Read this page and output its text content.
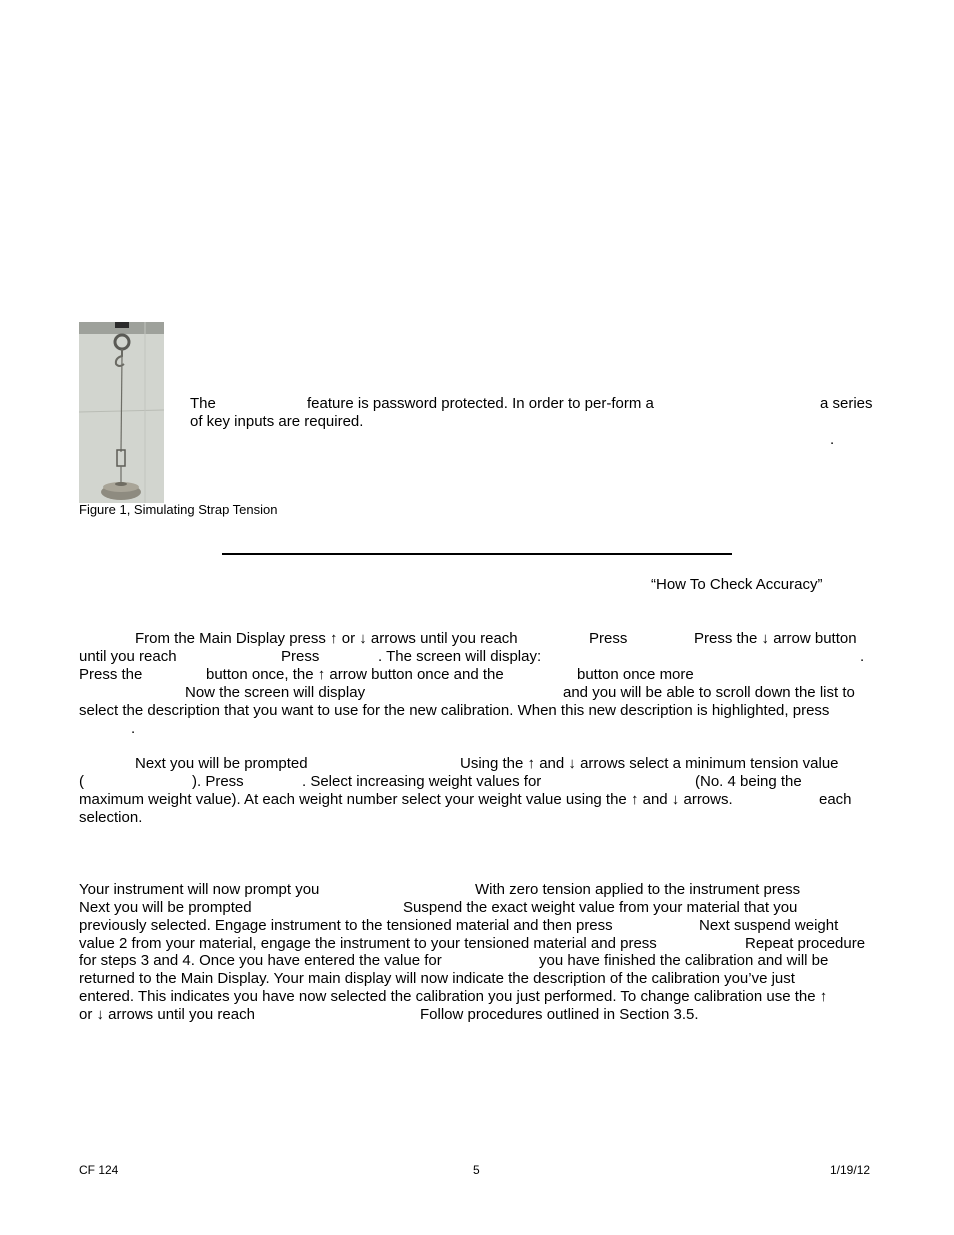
Figure 1, Simulating Strap Tension
The	feature is password protected. In order to per-form a	a series
of key inputs are required.
.
“How To Check Accuracy”
From the Main Display press ↑ or ↓ arrows until you reach	Press	Press the ↓ arrow button
until you reach	Press	. The screen will display:	.
Press the	button once, the ↑ arrow button once and the	button once more
Now the screen will display	and you will be able to scroll down the list to
select the description that you want to use for the new calibration. When this new description is highlighted, press
.
Next you will be prompted	Using the ↑ and ↓ arrows select a minimum tension value
(	). Press	. Select increasing weight values for	(No. 4 being the
maximum weight value). At each weight number select your weight value using the ↑ and ↓ arrows.	each
selection.
Your instrument will now prompt you	With zero tension applied to the instrument press
Next you will be prompted	Suspend the exact weight value from your material that you
previously selected. Engage instrument to the tensioned material and then press	Next suspend weight
value 2 from your material, engage the instrument to your tensioned material and press	Repeat procedure
for steps 3 and 4. Once you have entered the value for	you have finished the calibration and will be
returned to the Main Display. Your main display will now indicate the description of the calibration you’ve just
entered. This indicates you have now selected the calibration you just performed. To change calibration use the ↑
or ↓ arrows until you reach	Follow procedures outlined in Section 3.5.
CF 124	5	1/19/12
